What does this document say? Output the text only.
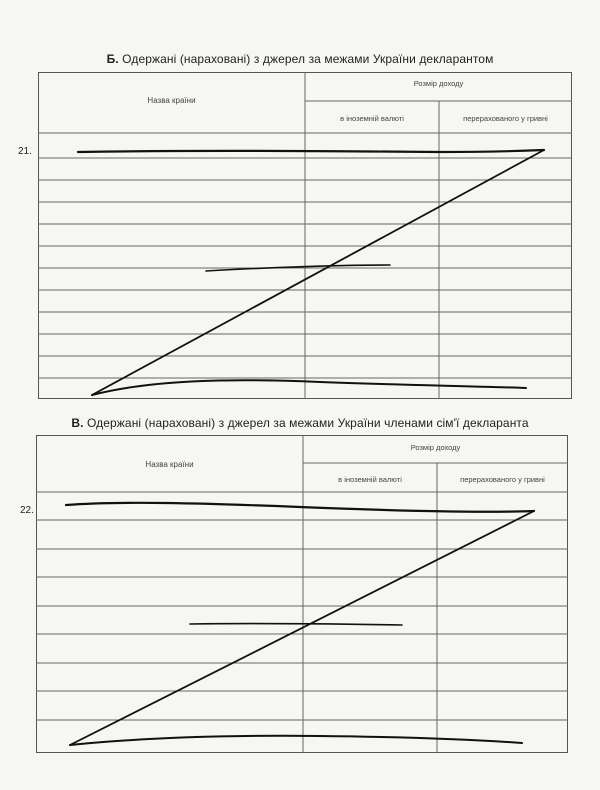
Б. Одержані (нараховані) з джерел за межами України декларантом
Назва країни
Розмір доходу
в іноземній валюті	перерахованого у гривні
21.
В. Одержані (нараховані) з джерел за межами України членами сім'ї декларанта
Назва країни
Розмір доходу
в іноземній валюті	перерахованого у гривні
22.
